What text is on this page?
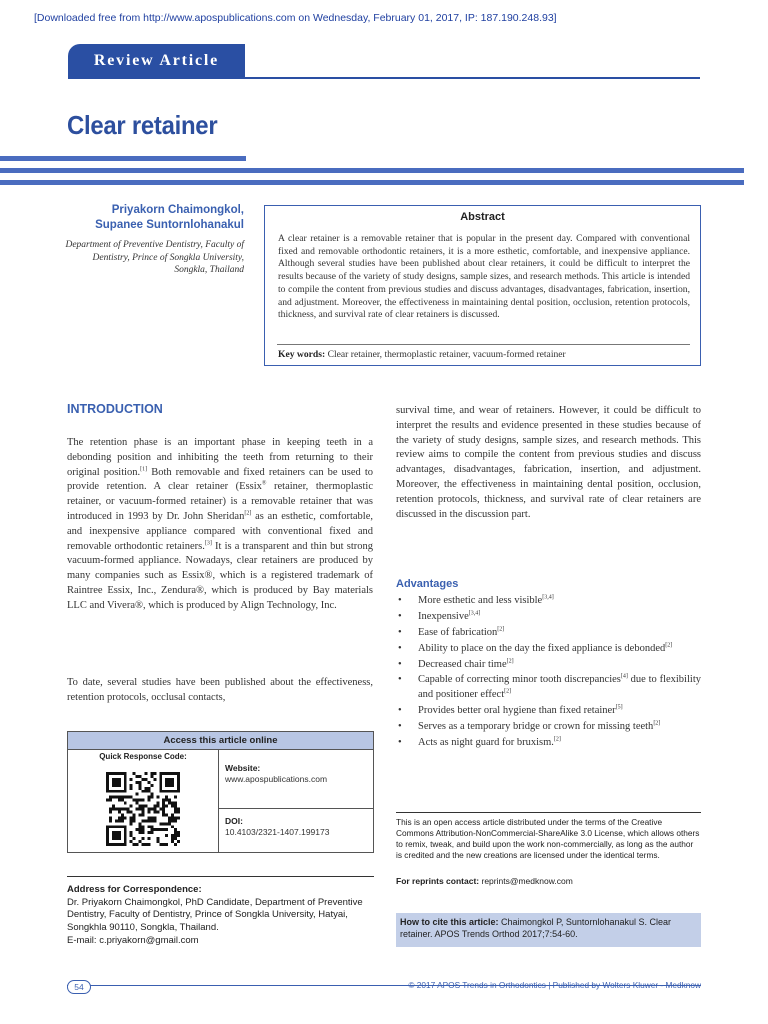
[Downloaded free from http://www.apospublications.com on Wednesday, February 01, 2017, IP: 187.190.248.93]
Review Article
Clear retainer
Priyakorn Chaimongkol,
Supanee Suntornlohanakul
Department of Preventive Dentistry, Faculty of Dentistry, Prince of Songkla University, Songkla, Thailand
Abstract
A clear retainer is a removable retainer that is popular in the present day. Compared with conventional fixed and removable orthodontic retainers, it is a more esthetic, comfortable, and inexpensive appliance. Although several studies have been published about clear retainers, it could be difficult to interpret the results because of the variety of study designs, sample sizes, and research methods. This article is intended to compile the content from previous studies and discuss advantages, disadvantages, fabrication, insertion, and adjustment. Moreover, the effectiveness in maintaining dental position, occlusion, retention protocols, thickness, and survival rate of clear retainers is discussed.
Key words: Clear retainer, thermoplastic retainer, vacuum-formed retainer
INTRODUCTION

The retention phase is an important phase in keeping teeth in a debonding position and inhibiting the teeth from returning to their original position.[1] Both removable and fixed retainers can be used to provide retention. A clear retainer (Essix® retainer, thermoplastic retainer, or vacuum-formed retainer) is a removable retainer that was introduced in 1993 by Dr. John Sheridan[2] as an esthetic, comfortable, and inexpensive appliance compared with conventional fixed and removable orthodontic retainers.[3] It is a transparent and thin but strong vacuum-formed appliance. Nowadays, clear retainers are produced by many companies such as Essix®, which is a registered trademark of Raintree Essix, Inc., Zendura®, which is produced by Bay materials LLC and Vivera®, which is produced by Align Technology, Inc.

To date, several studies have been published about the effectiveness, retention protocols, occlusal contacts,

survival time, and wear of retainers. However, it could be difficult to interpret the results and evidence presented in these studies because of the variety of study designs, sample sizes, and research methods. This review aims to compile the content from previous studies and discuss advantages, disadvantages, fabrication, insertion, and adjustment. Moreover, the effectiveness in maintaining dental position, occlusion, retention protocols, thickness, and survival rate of clear retainers are discussed in the discussion part.

Advantages
• More esthetic and less visible[3,4]
• Inexpensive[3,4]
• Ease of fabrication[2]
• Ability to place on the day the fixed appliance is debonded[2]
• Decreased chair time[2]
• Capable of correcting minor tooth discrepancies[4] due to flexibility and positioner effect[2]
• Provides better oral hygiene than fixed retainer[5]
• Serves as a temporary bridge or crown for missing teeth[2]
• Acts as night guard for bruxism.[2]
Access this article online
Quick Response Code:
Website:
www.apospublications.com
DOI:
10.4103/2321-1407.199173
Address for Correspondence:
Dr. Priyakorn Chaimongkol, PhD Candidate, Department of Preventive Dentistry, Faculty of Dentistry, Prince of Songkla University, Hatyai, Songkhla 90110, Songkla, Thailand.
E-mail: c.priyakorn@gmail.com
This is an open access article distributed under the terms of the Creative Commons Attribution-NonCommercial-ShareAlike 3.0 License, which allows others to remix, tweak, and build upon the work non-commercially, as long as the author is credited and the new creations are licensed under the identical terms.
For reprints contact: reprints@medknow.com
How to cite this article: Chaimongkol P, Suntornlohanakul S. Clear retainer. APOS Trends Orthod 2017;7:54-60.
54	© 2017 APOS Trends in Orthodontics | Published by Wolters Kluwer - Medknow
